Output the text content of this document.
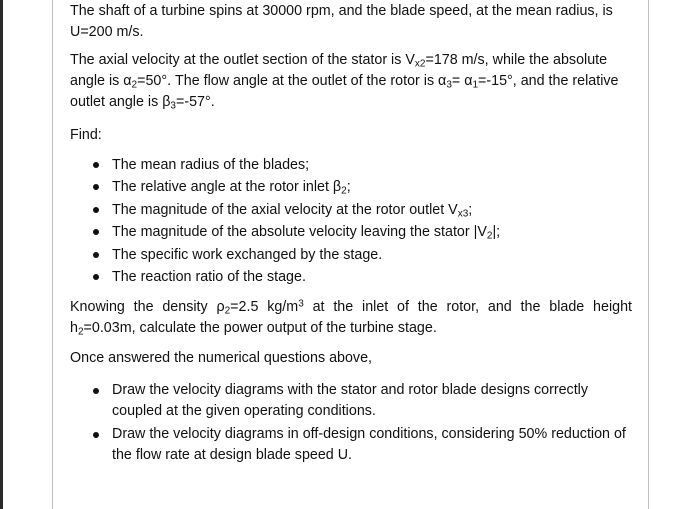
The shaft of a turbine spins at 30000 rpm, and the blade speed, at the mean radius, is U=200 m/s.

The axial velocity at the outlet section of the stator is $V_{x2}=178$ m/s, while the absolute angle is $\alpha_2=50^\circ$. The flow angle at the outlet of the rotor is $\alpha_3= \alpha_1=-15^\circ$, and the relative outlet angle is $\beta_3=-57^\circ$.

Find:

The mean radius of the blades;
The relative angle at the rotor inlet $\beta_2$;
The magnitude of the axial velocity at the rotor outlet $V_{x3}$;
The magnitude of the absolute velocity leaving the stator $|V_2|$;
The specific work exchanged by the stage.
The reaction ratio of the stage.

Knowing the density $\rho_2=2.5$ $kg/m^3$ at the inlet of the rotor, and the blade height $h_2=0.03m$, calculate the power output of the turbine stage.

Once answered the numerical questions above,

Draw the velocity diagrams with the stator and rotor blade designs correctly coupled at the given operating conditions.
Draw the velocity diagrams in off-design conditions, considering 50% reduction of the flow rate at design blade speed U.
